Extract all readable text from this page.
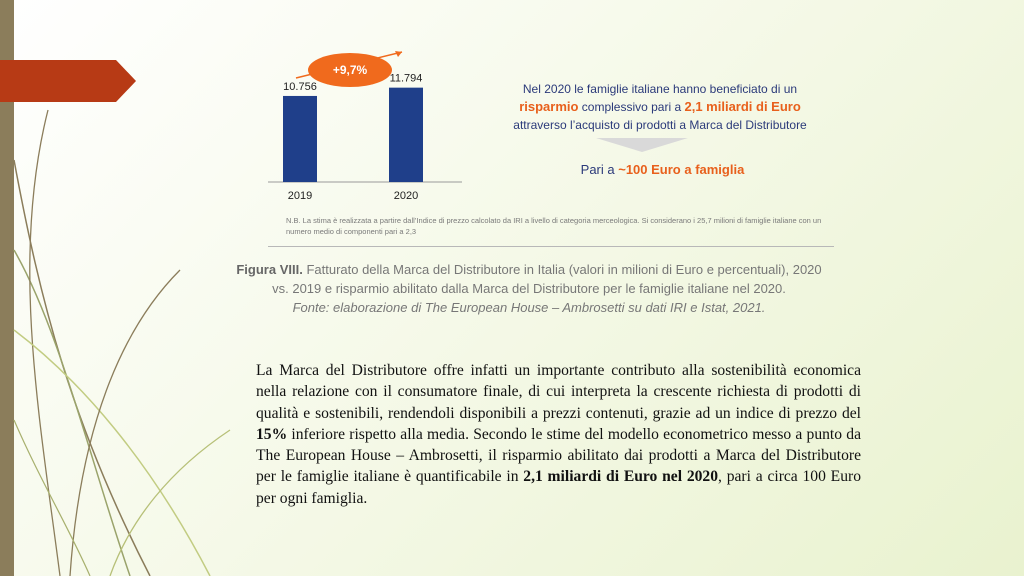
10.756
11.794
2019	2020
+9,7%
Nel 2020 le famiglie italiane hanno beneficiato di un
risparmio complessivo pari a 2,1 miliardi di Euro
attraverso l’acquisto di prodotti a Marca del Distributore
Pari a ~100 Euro a famiglia
N.B. La stima è realizzata a partire dall’Indice di prezzo calcolato da IRI a livello di categoria merceologica. Si considerano i 25,7 milioni di famiglie italiane con un numero medio di componenti pari a 2,3
Figura VIII. Fatturato della Marca del Distributore in Italia (valori in milioni di Euro e percentuali), 2020
vs. 2019 e risparmio abilitato dalla Marca del Distributore per le famiglie italiane nel 2020.
Fonte: elaborazione di The European House – Ambrosetti su dati IRI e Istat, 2021.
La Marca del Distributore offre infatti un importante contributo alla sostenibilità economica nella relazione con il consumatore finale, di cui interpreta la crescente richiesta di prodotti di qualità e sostenibili, rendendoli disponibili a prezzi contenuti, grazie ad un indice di prezzo del 15% inferiore rispetto alla media. Secondo le stime del modello econometrico messo a punto da The European House – Ambrosetti, il risparmio abilitato dai prodotti a Marca del Distributore per le famiglie italiane è quantificabile in 2,1 miliardi di Euro nel 2020, pari a circa 100 Euro per ogni famiglia.
